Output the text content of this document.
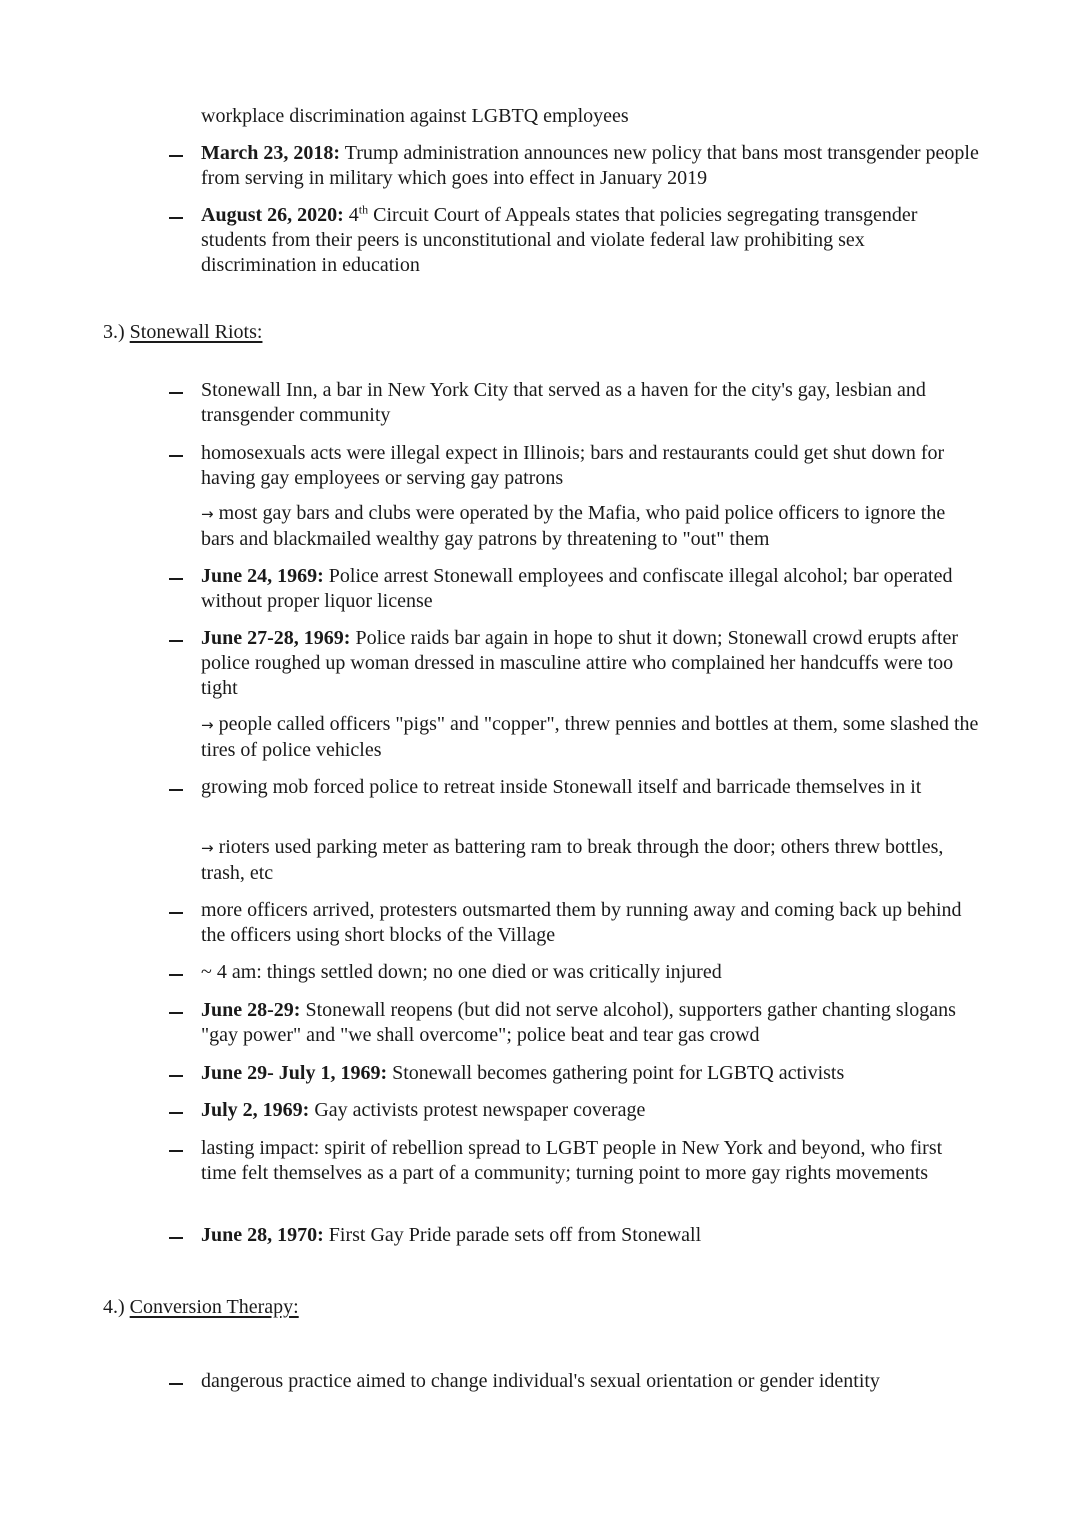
workplace discrimination against LGBTQ employees
March 23, 2018: Trump administration announces new policy that bans most transgender people from serving in military which goes into effect in January 2019
August 26, 2020: 4th Circuit Court of Appeals states that policies segregating transgender students from their peers is unconstitutional and violate federal law prohibiting sex discrimination in education
3.) Stonewall Riots:
Stonewall Inn, a bar in New York City that served as a haven for the city's gay, lesbian and transgender community
homosexuals acts were illegal expect in Illinois; bars and restaurants could get shut down for having gay employees or serving gay patrons
→ most gay bars and clubs were operated by the Mafia, who paid police officers to ignore the bars and blackmailed wealthy gay patrons by threatening to "out" them
June 24, 1969: Police arrest Stonewall employees and confiscate illegal alcohol; bar operated without proper liquor license
June 27-28, 1969: Police raids bar again in hope to shut it down; Stonewall crowd erupts after police roughed up woman dressed in masculine attire who complained her handcuffs were too tight
→ people called officers "pigs" and "copper", threw pennies and bottles at them, some slashed the tires of police vehicles
growing mob forced police to retreat inside Stonewall itself and barricade themselves in it
→ rioters used parking meter as battering ram to break through the door; others threw bottles, trash, etc
more officers arrived, protesters outsmarted them by running away and coming back up behind the officers using short blocks of the Village
~ 4 am: things settled down; no one died or was critically injured
June 28-29: Stonewall reopens (but did not serve alcohol), supporters gather chanting slogans "gay power" and "we shall overcome"; police beat and tear gas crowd
June 29- July 1, 1969: Stonewall becomes gathering point for LGBTQ activists
July 2, 1969: Gay activists protest newspaper coverage
lasting impact: spirit of rebellion spread to LGBT people in New York and beyond, who first time felt themselves as a part of a community; turning point to more gay rights movements
June 28, 1970: First Gay Pride parade sets off from Stonewall
4.) Conversion Therapy:
dangerous practice aimed to change individual's sexual orientation or gender identity
